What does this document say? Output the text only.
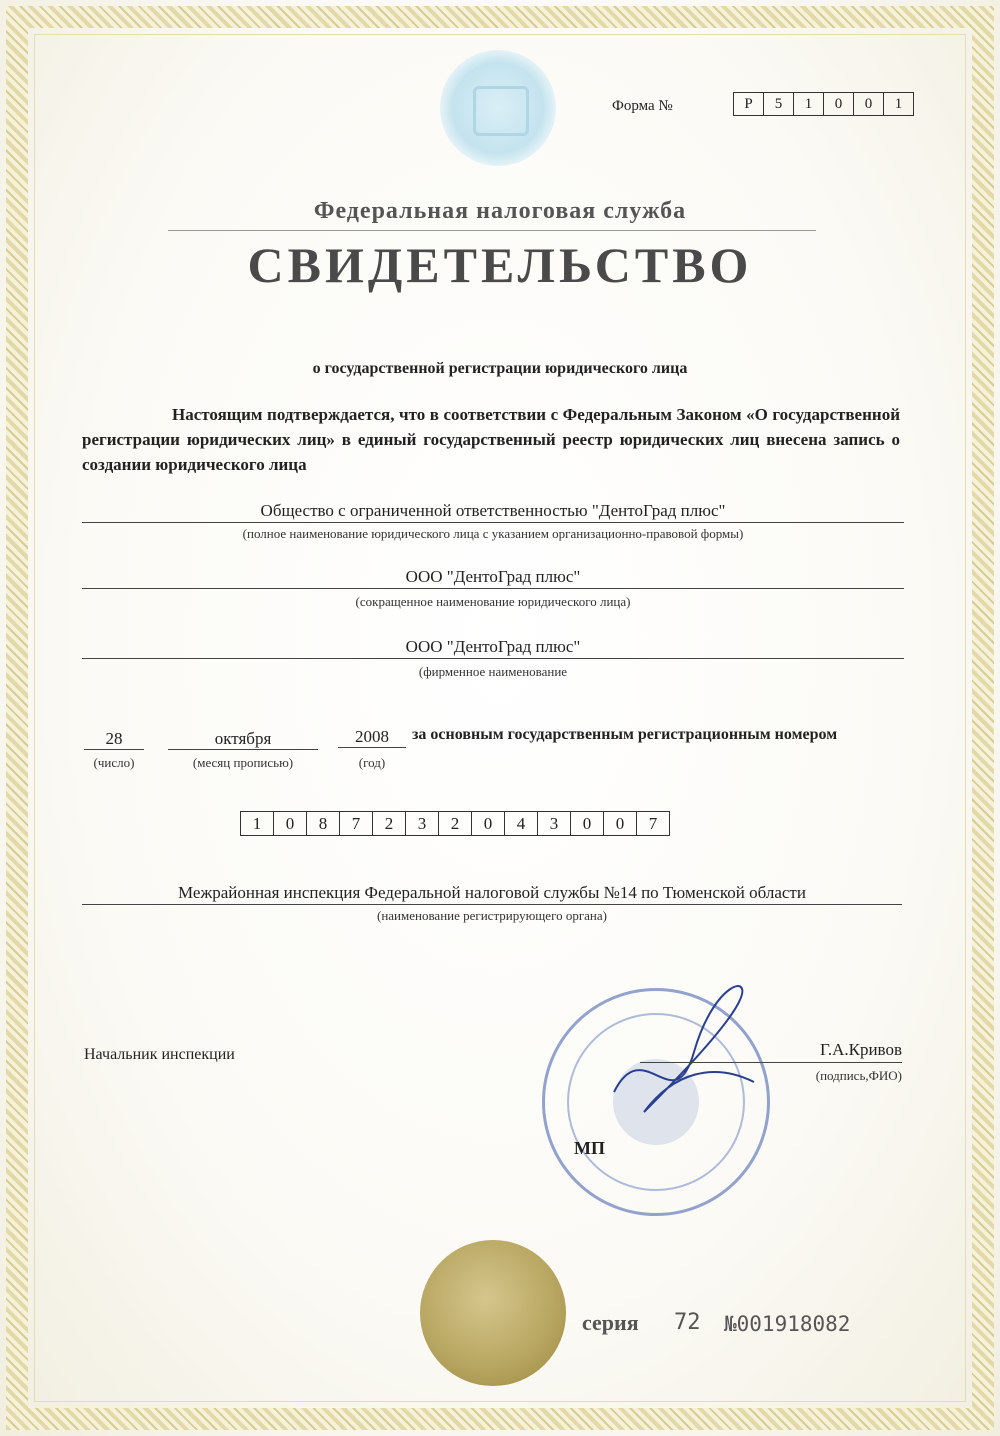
Форма №	Р	5	1	0	0	1
Федеральная налоговая служба
СВИДЕТЕЛЬСТВО
о государственной регистрации юридического лица
Настоящим подтверждается, что в соответствии с Федеральным Законом «О государственной регистрации юридических лиц» в единый государственный реестр юридических лиц внесена запись о создании юридического лица
Общество с ограниченной ответственностью "ДентоГрад плюс"
(полное наименование юридического лица с указанием организационно-правовой формы)
ООО "ДентоГрад плюс"
(сокращенное наименование юридического лица)
ООО "ДентоГрад плюс"
(фирменное наименование
28	октября	2008
(число)	(месяц прописью)	(год)
за основным государственным регистрационным номером
1	0	8	7	2	3	2	0	4	3	0	0	7
Межрайонная инспекция Федеральной налоговой службы №14 по Тюменской области
(наименование регистрирующего органа)
МП
Начальник инспекции	Г.А.Кривов
(подпись,ФИО)
серия 72 №001918082
